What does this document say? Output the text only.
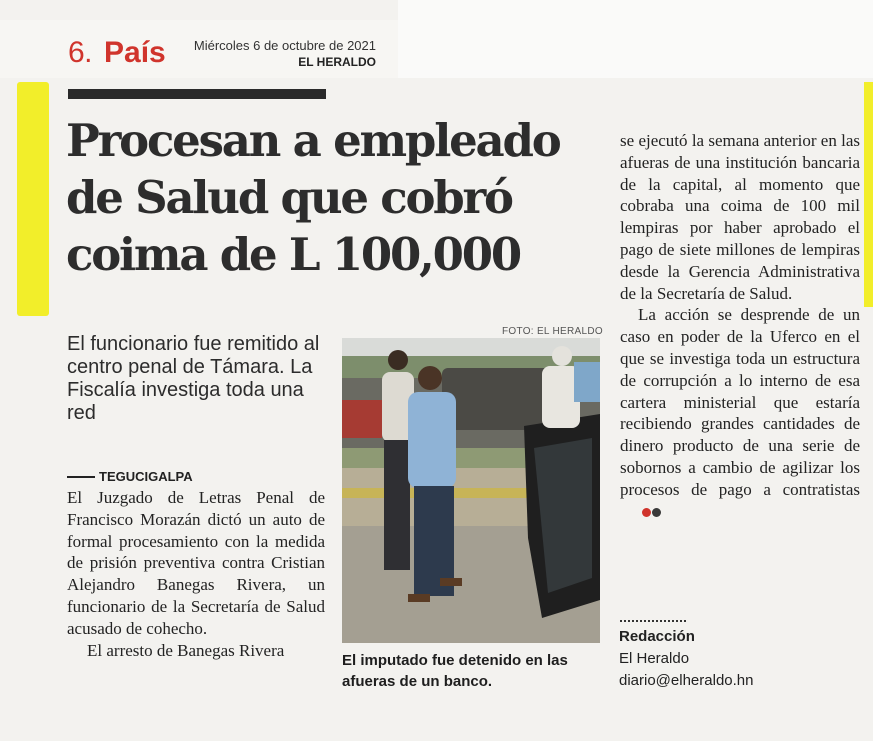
6. País Miércoles 6 de octubre de 2021
EL HERALDO
Procesan a empleado de Salud que cobró coima de L 100,000

El funcionario fue remitido al centro penal de Támara. La Fiscalía investiga toda una red

TEGUCIGALPA

El Juzgado de Letras Penal de Francisco Morazán dictó un auto de formal procesamiento con la medida de prisión preventiva contra Cristian Alejandro Banegas Rivera, un funcionario de la Secretaría de Salud acusado de cohecho.

El arresto de Banegas Rivera

FOTO: EL HERALDO

El imputado fue detenido en las afueras de un banco.

se ejecutó la semana anterior en las afueras de una institución bancaria de la capital, al momento que cobraba una coima de 100 mil lempiras por haber aprobado el pago de siete millones de lempiras desde la Gerencia Administrativa de la Secretaría de Salud.

La acción se desprende de un caso en poder de la Uferco en el que se investiga toda un estructura de corrupción a lo interno de esa cartera ministerial que estaría recibiendo grandes cantidades de dinero producto de una serie de sobornos a cambio de agilizar los procesos de pago a contratistas

Redacción
El Heraldo
diario@elheraldo.hn
